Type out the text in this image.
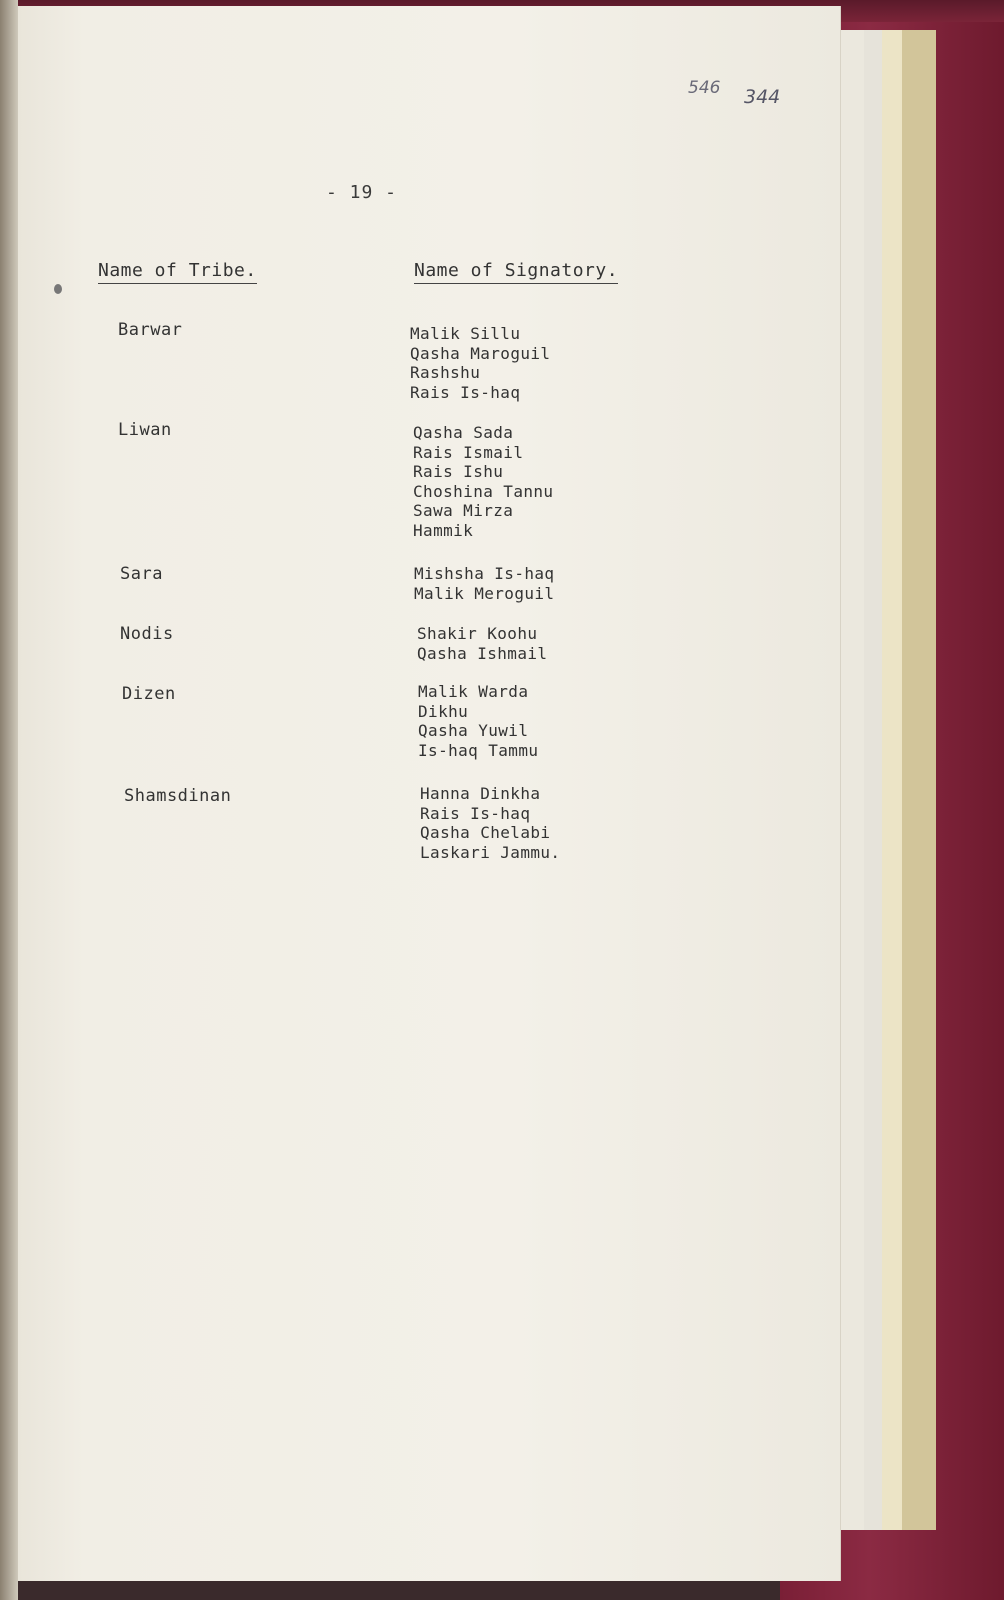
546 344
- 19 -
Name of Tribe.	Name of Signatory.
Barwar	Malik Sillu
Qasha Maroguil
Rashshu
Rais Is-haq
Liwan	Qasha Sada
Rais Ismail
Rais Ishu
Choshina Tannu
Sawa Mirza
Hammik
Sara	Mishsha Is-haq
Malik Meroguil
Nodis	Shakir Koohu
Qasha Ishmail
Dizen	Malik Warda
Dikhu
Qasha Yuwil
Is-haq Tammu
Shamsdinan	Hanna Dinkha
Rais Is-haq
Qasha Chelabi
Laskari Jammu.
